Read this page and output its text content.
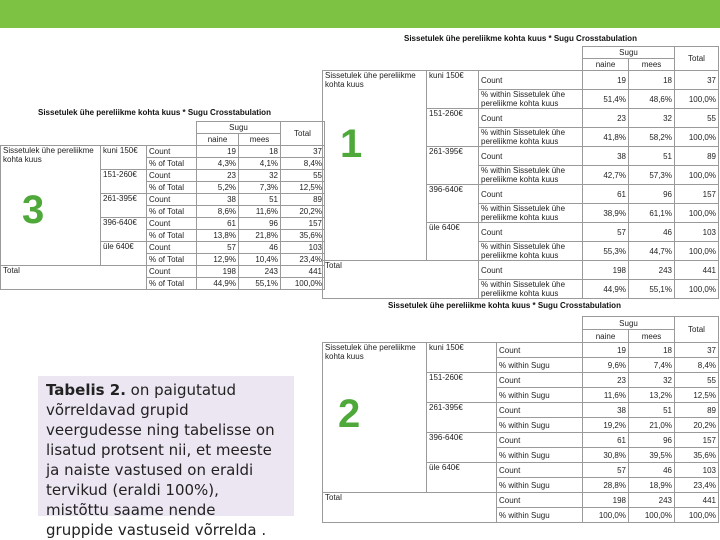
Sissetulek ühe pereliikme kohta kuus * Sugu Crosstabulation
			Sugu		Total
			naine	mees	
Sissetulek ühe pereliikme kohta kuus	kuni 150€	Count	19	18	37
		% of Total	4,3%	4,1%	8,4%
	151-260€	Count	23	32	55
		% of Total	5,2%	7,3%	12,5%
	261-395€	Count	38	51	89
		% of Total	8,6%	11,6%	20,2%
	396-640€	Count	61	96	157
		% of Total	13,8%	21,8%	35,6%
	üle 640€	Count	57	46	103
		% of Total	12,9%	10,4%	23,4%
Total		Count	198	243	441
		% of Total	44,9%	55,1%	100,0%
Sissetulek ühe pereliikme kohta kuus * Sugu Crosstabulation
			Sugu		Total
			naine	mees	
Sissetulek ühe pereliikme kohta kuus	kuni 150€	Count	19	18	37
		% within Sissetulek ühe pereliikme kohta kuus	51,4%	48,6%	100,0%
	151-260€	Count	23	32	55
		% within Sissetulek ühe pereliikme kohta kuus	41,8%	58,2%	100,0%
	261-395€	Count	38	51	89
		% within Sissetulek ühe pereliikme kohta kuus	42,7%	57,3%	100,0%
	396-640€	Count	61	96	157
		% within Sissetulek ühe pereliikme kohta kuus	38,9%	61,1%	100,0%
	üle 640€	Count	57	46	103
		% within Sissetulek ühe pereliikme kohta kuus	55,3%	44,7%	100,0%
Total		Count	198	243	441
		% within Sissetulek ühe pereliikme kohta kuus	44,9%	55,1%	100,0%
Sissetulek ühe pereliikme kohta kuus * Sugu Crosstabulation
			Sugu		Total
			naine	mees	
Sissetulek ühe pereliikme kohta kuus	kuni 150€	Count	19	18	37
		% within Sugu	9,6%	7,4%	8,4%
	151-260€	Count	23	32	55
		% within Sugu	11,6%	13,2%	12,5%
	261-395€	Count	38	51	89
		% within Sugu	19,2%	21,0%	20,2%
	396-640€	Count	61	96	157
		% within Sugu	30,8%	39,5%	35,6%
	üle 640€	Count	57	46	103
		% within Sugu	28,8%	18,9%	23,4%
Total		Count	198	243	441
		% within Sugu	100,0%	100,0%	100,0%
1
2
3
Tabelis 2. on paigutatud võrreldavad grupid veergudesse ning tabelisse on lisatud protsent nii, et meeste ja naiste vastused on eraldi tervikud (eraldi 100%), mistõttu saame nende gruppide vastuseid võrrelda .
